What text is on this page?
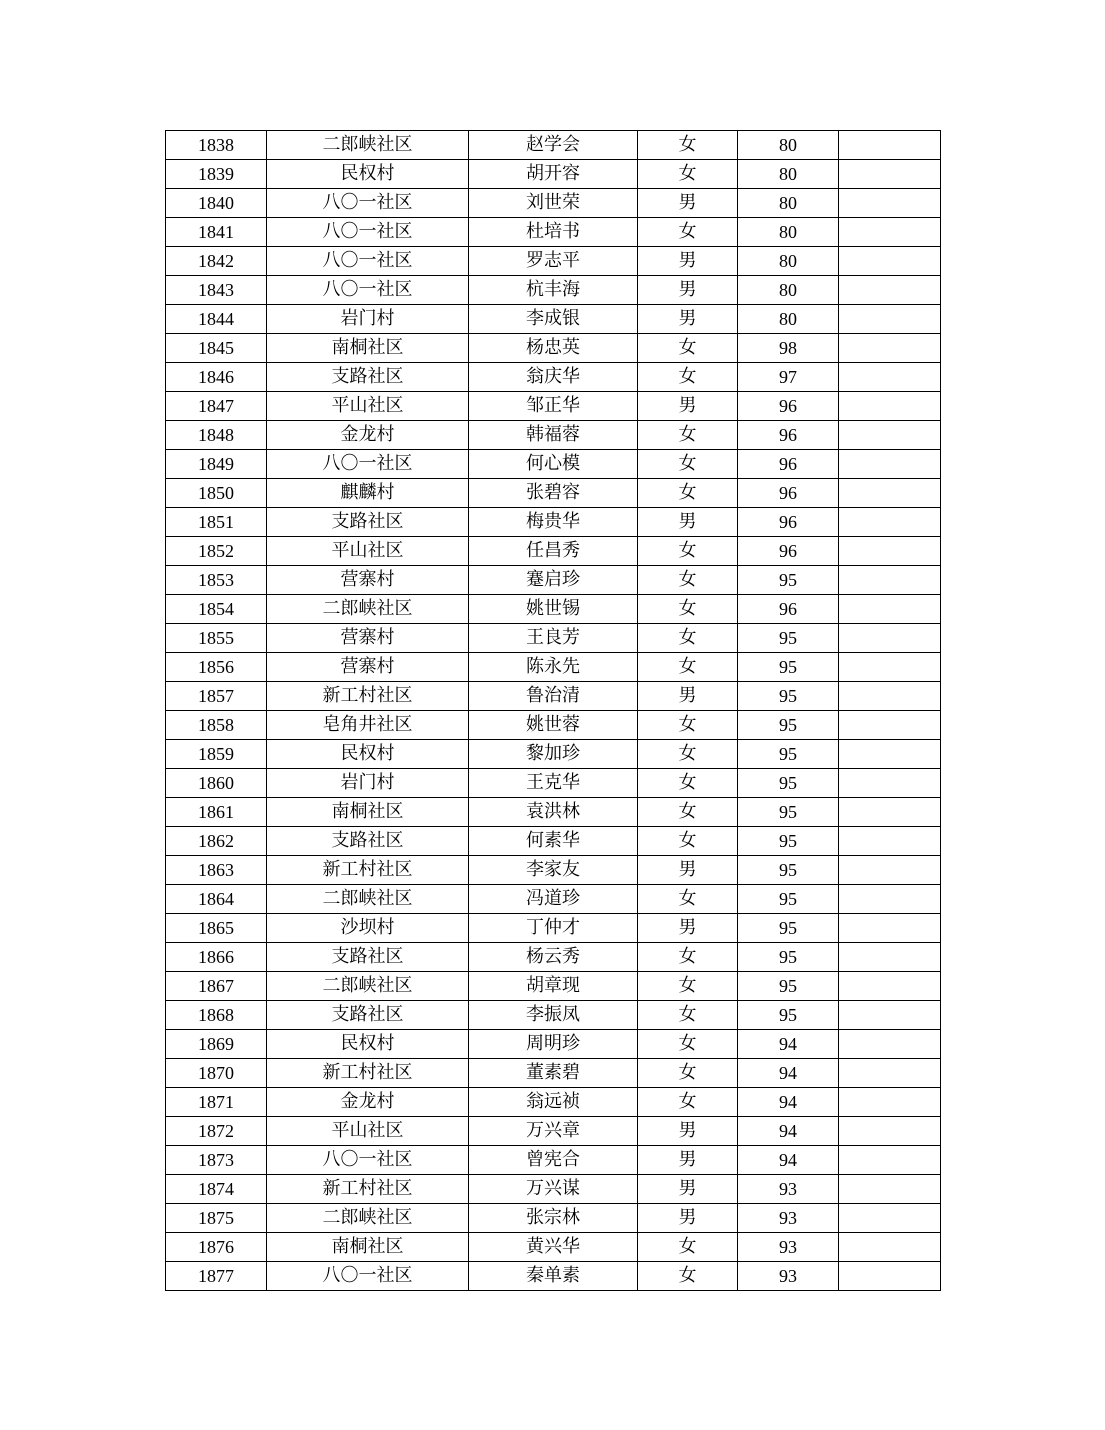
1838	二郎峡社区	赵学会	女	80	
1839	民权村	胡开容	女	80	
1840	八〇一社区	刘世荣	男	80	
1841	八〇一社区	杜培书	女	80	
1842	八〇一社区	罗志平	男	80	
1843	八〇一社区	杭丰海	男	80	
1844	岩门村	李成银	男	80	
1845	南桐社区	杨忠英	女	98	
1846	支路社区	翁庆华	女	97	
1847	平山社区	邹正华	男	96	
1848	金龙村	韩福蓉	女	96	
1849	八〇一社区	何心模	女	96	
1850	麒麟村	张碧容	女	96	
1851	支路社区	梅贵华	男	96	
1852	平山社区	任昌秀	女	96	
1853	营寨村	蹇启珍	女	95	
1854	二郎峡社区	姚世锡	女	96	
1855	营寨村	王良芳	女	95	
1856	营寨村	陈永先	女	95	
1857	新工村社区	鲁治清	男	95	
1858	皂角井社区	姚世蓉	女	95	
1859	民权村	黎加珍	女	95	
1860	岩门村	王克华	女	95	
1861	南桐社区	袁洪林	女	95	
1862	支路社区	何素华	女	95	
1863	新工村社区	李家友	男	95	
1864	二郎峡社区	冯道珍	女	95	
1865	沙坝村	丁仲才	男	95	
1866	支路社区	杨云秀	女	95	
1867	二郎峡社区	胡章现	女	95	
1868	支路社区	李振凤	女	95	
1869	民权村	周明珍	女	94	
1870	新工村社区	董素碧	女	94	
1871	金龙村	翁远祯	女	94	
1872	平山社区	万兴章	男	94	
1873	八〇一社区	曾宪合	男	94	
1874	新工村社区	万兴谋	男	93	
1875	二郎峡社区	张宗林	男	93	
1876	南桐社区	黄兴华	女	93	
1877	八〇一社区	秦单素	女	93	
